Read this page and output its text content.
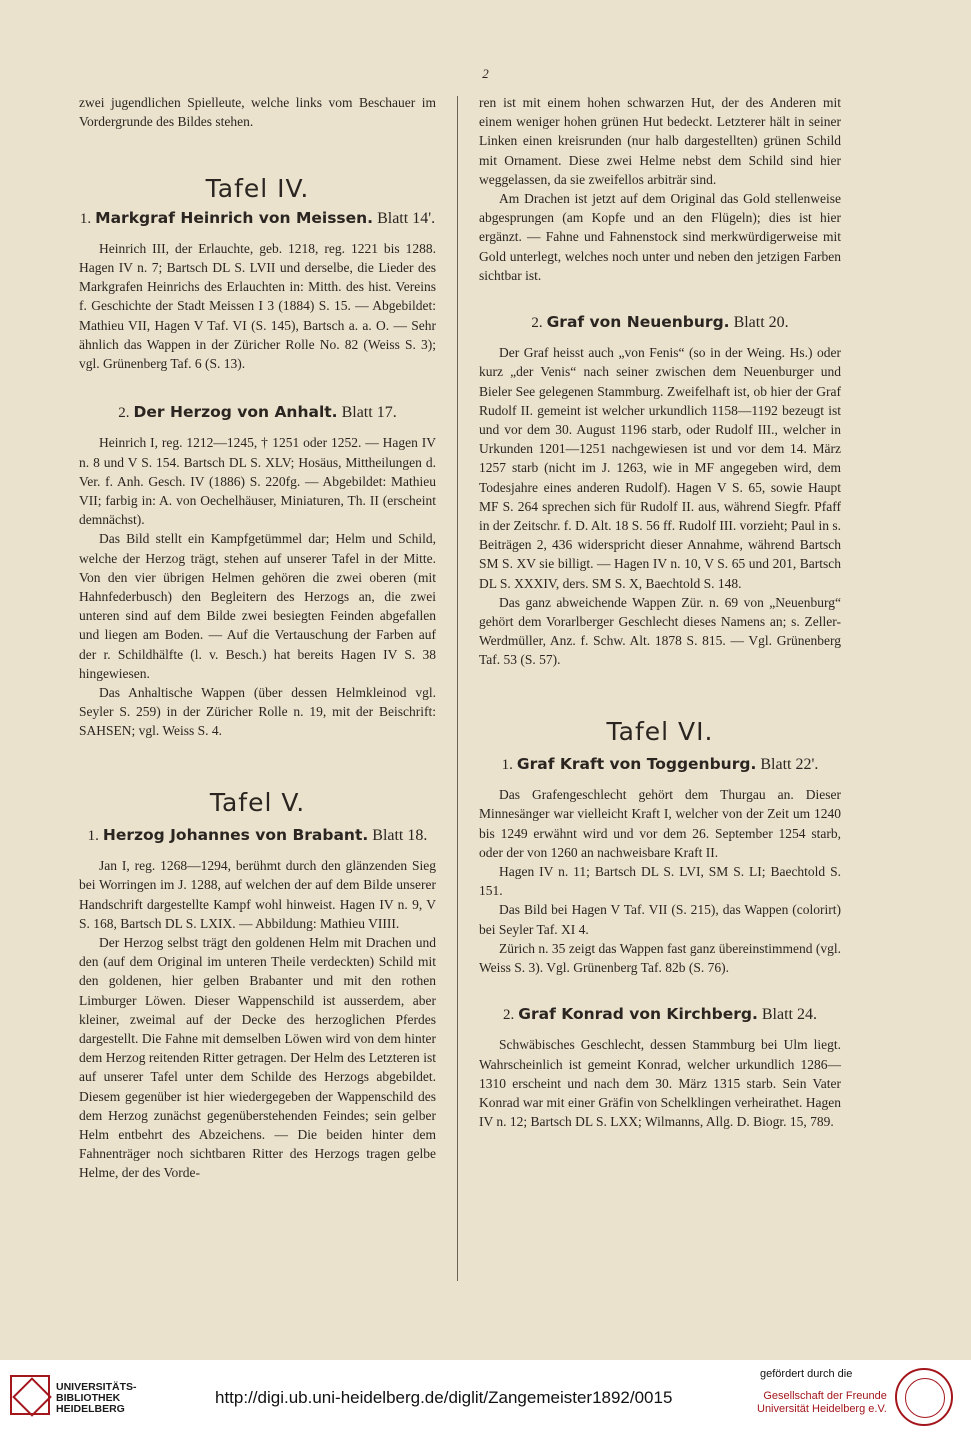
2

zwei jugendlichen Spielleute, welche links vom Beschauer im Vordergrunde des Bildes stehen.

Tafel IV.
1. Markgraf Heinrich von Meissen. Blatt 14'.

Heinrich III, der Erlauchte, geb. 1218, reg. 1221 bis 1288. Hagen IV n. 7; Bartsch DL S. LVII und derselbe, die Lieder des Markgrafen Heinrichs des Erlauchten in: Mitth. des hist. Vereins f. Geschichte der Stadt Meissen I 3 (1884) S. 15. — Abgebildet: Mathieu VII, Hagen V Taf. VI (S. 145), Bartsch a. a. O. — Sehr ähnlich das Wappen in der Züricher Rolle No. 82 (Weiss S. 3); vgl. Grünenberg Taf. 6 (S. 13).

2. Der Herzog von Anhalt. Blatt 17.

Heinrich I, reg. 1212—1245, † 1251 oder 1252. — Hagen IV n. 8 und V S. 154. Bartsch DL S. XLV; Hosäus, Mittheilungen d. Ver. f. Anh. Gesch. IV (1886) S. 220fg. — Abgebildet: Mathieu VII; farbig in: A. von Oechelhäuser, Miniaturen, Th. II (erscheint demnächst).

Das Bild stellt ein Kampfgetümmel dar; Helm und Schild, welche der Herzog trägt, stehen auf unserer Tafel in der Mitte. Von den vier übrigen Helmen gehören die zwei oberen (mit Hahnfederbusch) den Begleitern des Herzogs an, die zwei unteren sind auf dem Bilde zwei besiegten Feinden abgefallen und liegen am Boden. — Auf die Vertauschung der Farben auf der r. Schildhälfte (l. v. Besch.) hat bereits Hagen IV S. 38 hingewiesen.

Das Anhaltische Wappen (über dessen Helmkleinod vgl. Seyler S. 259) in der Züricher Rolle n. 19, mit der Beischrift: SAHSEN; vgl. Weiss S. 4.

Tafel V.
1. Herzog Johannes von Brabant. Blatt 18.

Jan I, reg. 1268—1294, berühmt durch den glänzenden Sieg bei Worringen im J. 1288, auf welchen der auf dem Bilde unserer Handschrift dargestellte Kampf wohl hinweist. Hagen IV n. 9, V S. 168, Bartsch DL S. LXIX. — Abbildung: Mathieu VIIII.

Der Herzog selbst trägt den goldenen Helm mit Drachen und den (auf dem Original im unteren Theile verdeckten) Schild mit den goldenen, hier gelben Brabanter und mit den rothen Limburger Löwen. Dieser Wappenschild ist ausserdem, aber kleiner, zweimal auf der Decke des herzoglichen Pferdes dargestellt. Die Fahne mit demselben Löwen wird von dem hinter dem Herzog reitenden Ritter getragen. Der Helm des Letzteren ist auf unserer Tafel unter dem Schilde des Herzogs abgebildet. Diesem gegenüber ist hier wiedergegeben der Wappenschild des dem Herzog zunächst gegenüberstehenden Feindes; sein gelber Helm entbehrt des Abzeichens. — Die beiden hinter dem Fahnenträger noch sichtbaren Ritter des Herzogs tragen gelbe Helme, der des Vorde-

ren ist mit einem hohen schwarzen Hut, der des Anderen mit einem weniger hohen grünen Hut bedeckt. Letzterer hält in seiner Linken einen kreisrunden (nur halb dargestellten) grünen Schild mit Ornament. Diese zwei Helme nebst dem Schild sind hier weggelassen, da sie zweifellos arbiträr sind.

Am Drachen ist jetzt auf dem Original das Gold stellenweise abgesprungen (am Kopfe und an den Flügeln); dies ist hier ergänzt. — Fahne und Fahnenstock sind merkwürdigerweise mit Gold unterlegt, welches noch unter und neben den jetzigen Farben sichtbar ist.

2. Graf von Neuenburg. Blatt 20.

Der Graf heisst auch „von Fenis“ (so in der Weing. Hs.) oder kurz „der Venis“ nach seiner zwischen dem Neuenburger und Bieler See gelegenen Stammburg. Zweifelhaft ist, ob hier der Graf Rudolf II. gemeint ist welcher urkundlich 1158—1192 bezeugt ist und vor dem 30. August 1196 starb, oder Rudolf III., welcher in Urkunden 1201—1251 nachgewiesen ist und vor dem 14. März 1257 starb (nicht im J. 1263, wie in MF angegeben wird, dem Todesjahre eines anderen Rudolf). Hagen V S. 65, sowie Haupt MF S. 264 sprechen sich für Rudolf II. aus, während Siegfr. Pfaff in der Zeitschr. f. D. Alt. 18 S. 56 ff. Rudolf III. vorzieht; Paul in s. Beiträgen 2, 436 widerspricht dieser Annahme, während Bartsch SM S. XV sie billigt. — Hagen IV n. 10, V S. 65 und 201, Bartsch DL S. XXXIV, ders. SM S. X, Baechtold S. 148.

Das ganz abweichende Wappen Zür. n. 69 von „Neuenburg“ gehört dem Vorarlberger Geschlecht dieses Namens an; s. Zeller-Werdmüller, Anz. f. Schw. Alt. 1878 S. 815. — Vgl. Grünenberg Taf. 53 (S. 57).

Tafel VI.
1. Graf Kraft von Toggenburg. Blatt 22'.

Das Grafengeschlecht gehört dem Thurgau an. Dieser Minnesänger war vielleicht Kraft I, welcher von der Zeit um 1240 bis 1249 erwähnt wird und vor dem 26. September 1254 starb, oder der von 1260 an nachweisbare Kraft II.

Hagen IV n. 11; Bartsch DL S. LVI, SM S. LI; Baechtold S. 151.

Das Bild bei Hagen V Taf. VII (S. 215), das Wappen (colorirt) bei Seyler Taf. XI 4.

Zürich n. 35 zeigt das Wappen fast ganz übereinstimmend (vgl. Weiss S. 3). Vgl. Grünenberg Taf. 82b (S. 76).

2. Graf Konrad von Kirchberg. Blatt 24.

Schwäbisches Geschlecht, dessen Stammburg bei Ulm liegt. Wahrscheinlich ist gemeint Konrad, welcher urkundlich 1286—1310 erscheint und nach dem 30. März 1315 starb. Sein Vater Konrad war mit einer Gräfin von Schelklingen verheirathet. Hagen IV n. 12; Bartsch DL S. LXX; Wilmanns, Allg. D. Biogr. 15, 789.

UNIVERSITÄTS-
BIBLIOTHEK
HEIDELBERG
http://digi.ub.uni-heidelberg.de/diglit/Zangemeister1892/0015
gefördert durch die
Gesellschaft der Freunde
Universität Heidelberg e.V.
